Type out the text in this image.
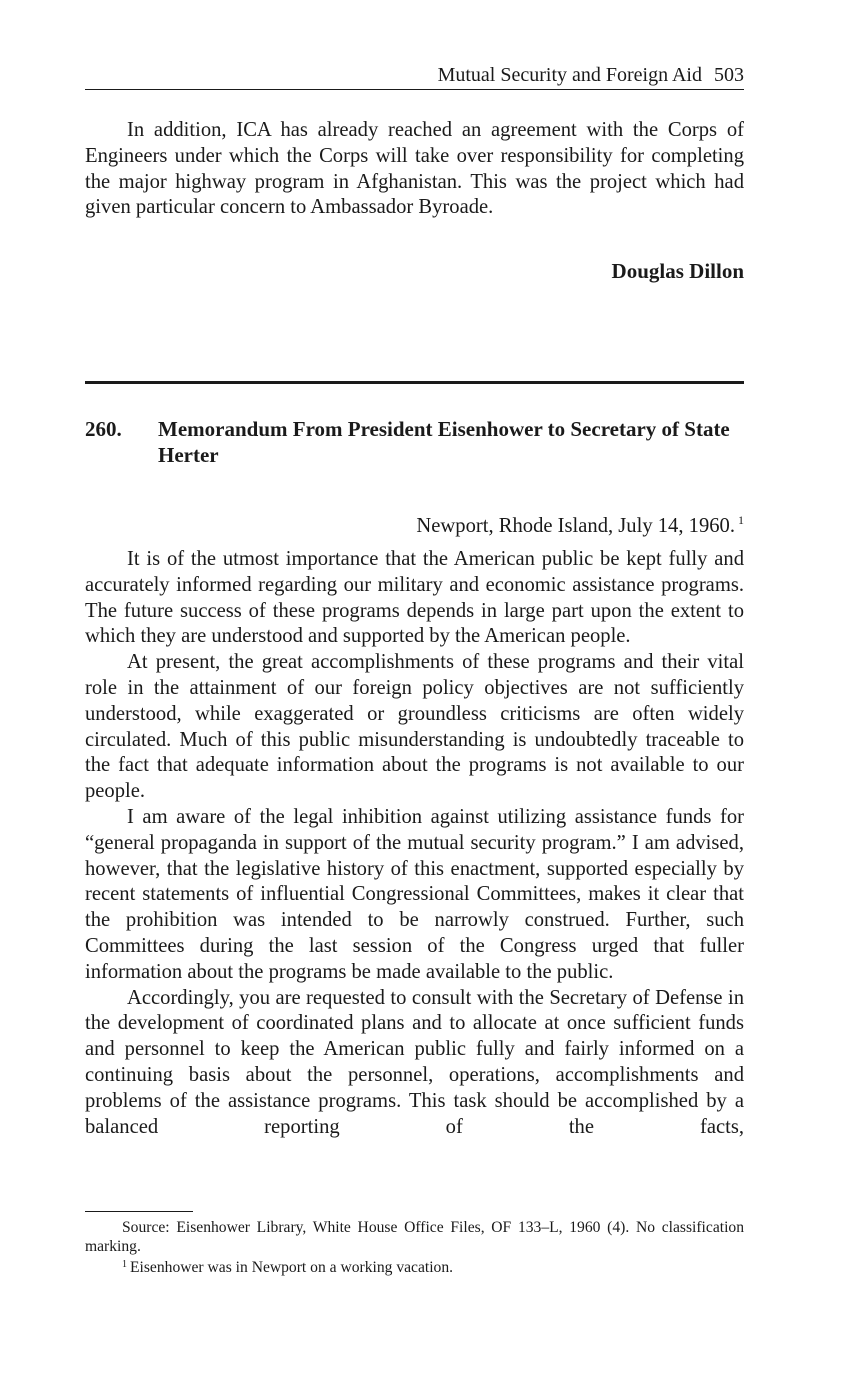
Mutual Security and Foreign Aid 503

In addition, ICA has already reached an agreement with the Corps of Engineers under which the Corps will take over responsibility for completing the major highway program in Afghanistan. This was the project which had given particular concern to Ambassador Byroade.

Douglas Dillon
260. Memorandum From President Eisenhower to Secretary of State Herter
Newport, Rhode Island, July 14, 1960. $^1$

It is of the utmost importance that the American public be kept fully and accurately informed regarding our military and economic assistance programs. The future success of these programs depends in large part upon the extent to which they are understood and supported by the American people.

At present, the great accomplishments of these programs and their vital role in the attainment of our foreign policy objectives are not sufficiently understood, while exaggerated or groundless criticisms are often widely circulated. Much of this public misunderstanding is undoubtedly traceable to the fact that adequate information about the programs is not available to our people.

I am aware of the legal inhibition against utilizing assistance funds for “general propaganda in support of the mutual security program.” I am advised, however, that the legislative history of this enactment, supported especially by recent statements of influential Congressional Committees, makes it clear that the prohibition was intended to be narrowly construed. Further, such Committees during the last session of the Congress urged that fuller information about the programs be made available to the public.

Accordingly, you are requested to consult with the Secretary of Defense in the development of coordinated plans and to allocate at once sufficient funds and personnel to keep the American public fully and fairly informed on a continuing basis about the personnel, operations, accomplishments and problems of the assistance programs. This task should be accomplished by a balanced reporting of the facts,

Source: Eisenhower Library, White House Office Files, OF 133–L, 1960 (4). No classification marking.

$^1$ Eisenhower was in Newport on a working vacation.
